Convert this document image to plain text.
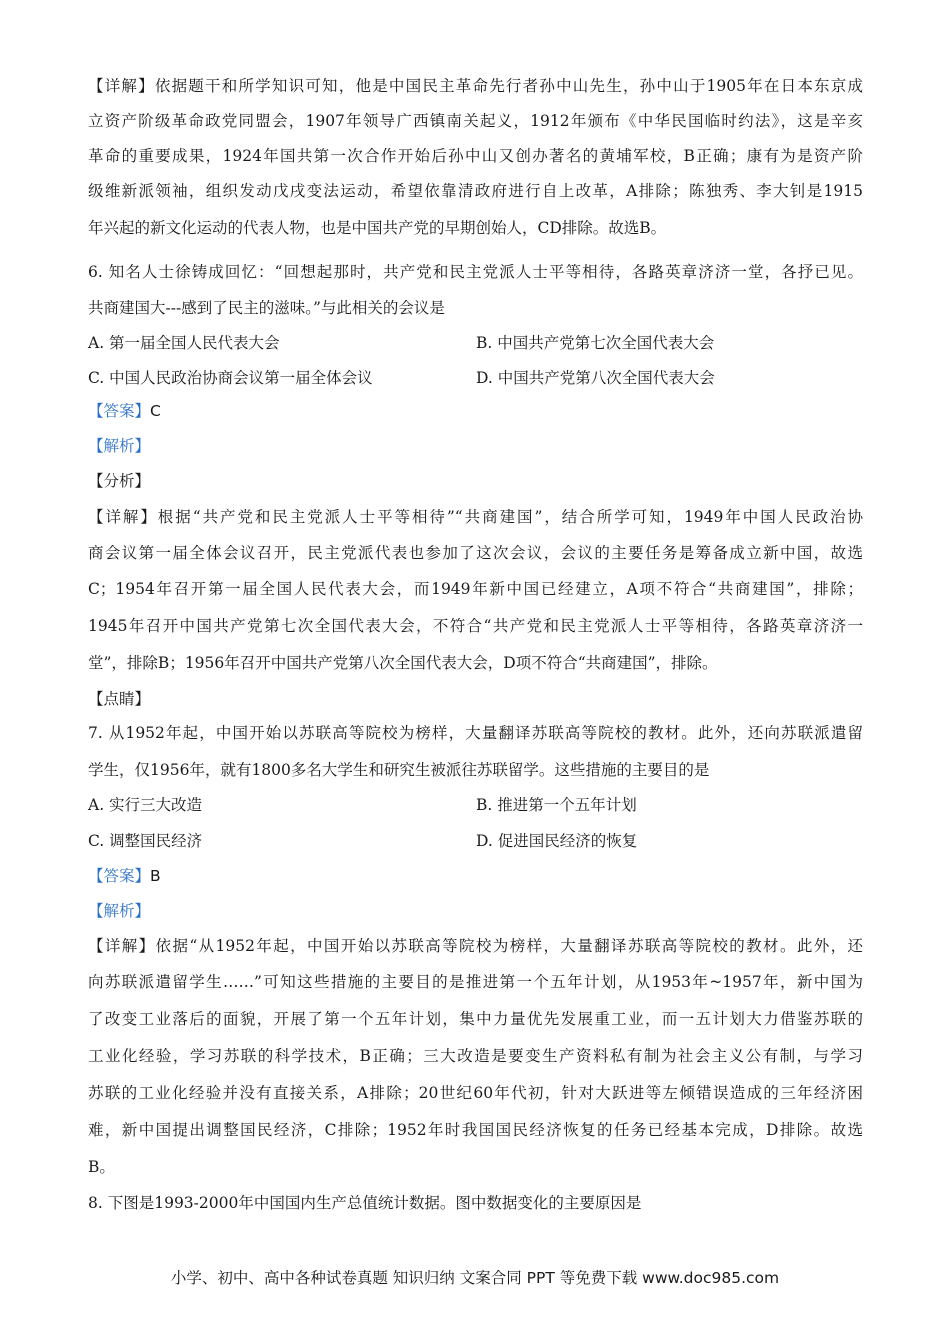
【详解】依据题干和所学知识可知，他是中国民主革命先行者孙中山先生，孙中山于1905年在日本东京成
立资产阶级革命政党同盟会，1907年领导广西镇南关起义，1912年颁布《中华民国临时约法》，这是辛亥
革命的重要成果，1924年国共第一次合作开始后孙中山又创办著名的黄埔军校，B正确；康有为是资产阶
级维新派领袖，组织发动戊戌变法运动，希望依靠清政府进行自上改革，A排除；陈独秀、李大钊是1915
年兴起的新文化运动的代表人物，也是中国共产党的早期创始人，CD排除。故选B。
6. 知名人士徐铸成回忆：“回想起那时，共产党和民主党派人士平等相待，各路英章济济一堂，各抒已见。
共商建国大---感到了民主的滋味。”与此相关的会议是
A. 第一届全国人民代表大会	B. 中国共产党第七次全国代表大会
C. 中国人民政治协商会议第一届全体会议	D. 中国共产党第八次全国代表大会
【答案】C
【解析】
【分析】
【详解】根据“共产党和民主党派人士平等相待”“共商建国”，结合所学可知，1949年中国人民政治协
商会议第一届全体会议召开，民主党派代表也参加了这次会议，会议的主要任务是筹备成立新中国，故选
C；1954年召开第一届全国人民代表大会，而1949年新中国已经建立，A项不符合“共商建国”，排除；
1945年召开中国共产党第七次全国代表大会，不符合“共产党和民主党派人士平等相待，各路英章济济一
堂”，排除B；1956年召开中国共产党第八次全国代表大会，D项不符合“共商建国”，排除。
【点睛】
7. 从1952年起，中国开始以苏联高等院校为榜样，大量翻译苏联高等院校的教材。此外，还向苏联派遣留
学生，仅1956年，就有1800多名大学生和研究生被派往苏联留学。这些措施的主要目的是
A. 实行三大改造	B. 推进第一个五年计划
C. 调整国民经济	D. 促进国民经济的恢复
【答案】B
【解析】
【详解】依据“从1952年起，中国开始以苏联高等院校为榜样，大量翻译苏联高等院校的教材。此外，还
向苏联派遣留学生……”可知这些措施的主要目的是推进第一个五年计划，从1953年~1957年，新中国为
了改变工业落后的面貌，开展了第一个五年计划，集中力量优先发展重工业，而一五计划大力借鉴苏联的
工业化经验，学习苏联的科学技术，B正确；三大改造是要变生产资料私有制为社会主义公有制，与学习
苏联的工业化经验并没有直接关系，A排除；20世纪60年代初，针对大跃进等左倾错误造成的三年经济困
难，新中国提出调整国民经济，C排除；1952年时我国国民经济恢复的任务已经基本完成，D排除。故选
B。
8. 下图是1993-2000年中国国内生产总值统计数据。图中数据变化的主要原因是
小学、初中、高中各种试卷真题 知识归纳 文案合同 PPT 等免费下载 www.doc985.com
